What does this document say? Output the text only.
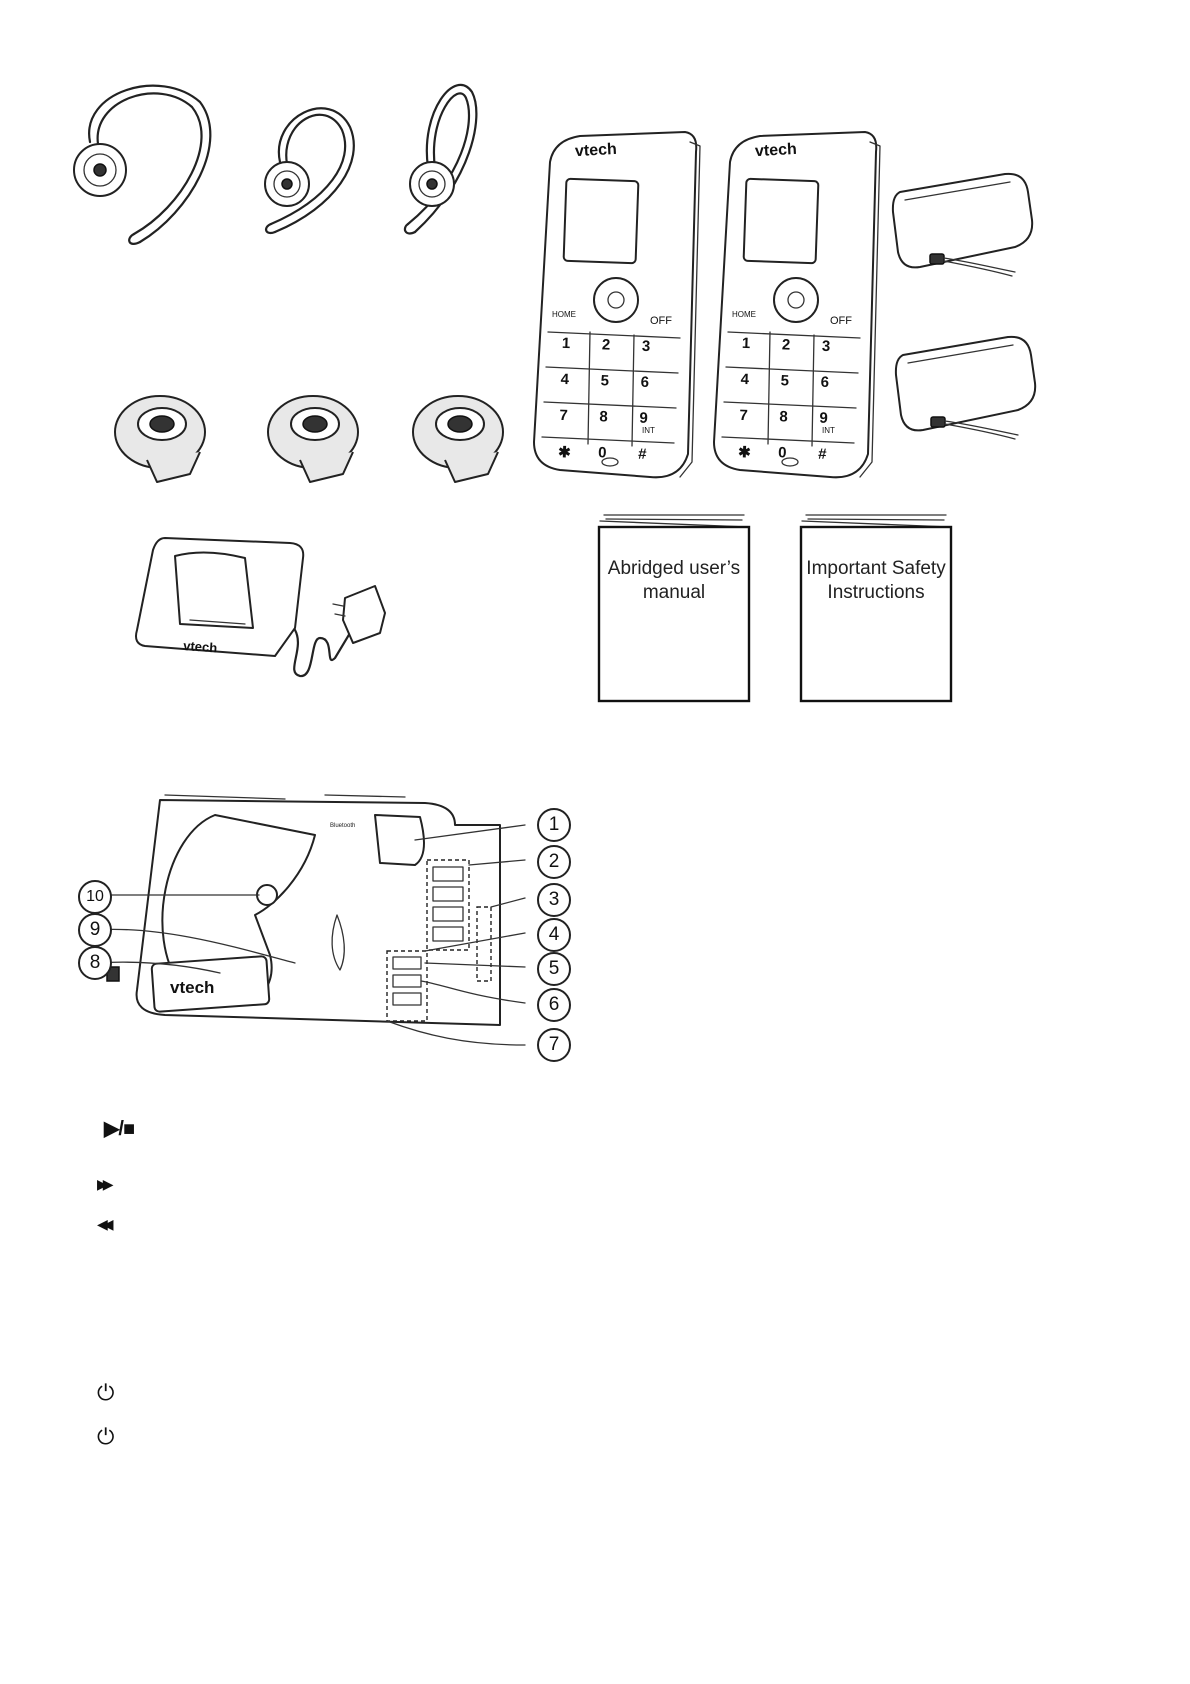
vtech
OFF
HOME
INT
1	2	3
4	5	6
7	8	9
✱	0	#
vtech
OFF
HOME
INT
1	2	3
4	5	6
7	8	9
✱	0	#
vtech
Abridged user’s
manual
Important Safety
Instructions
vtech
Bluetooth	1
2
3
4
5
6
7
10
9
8
▶/■
▶▶
◀◀
⏻
⏻
